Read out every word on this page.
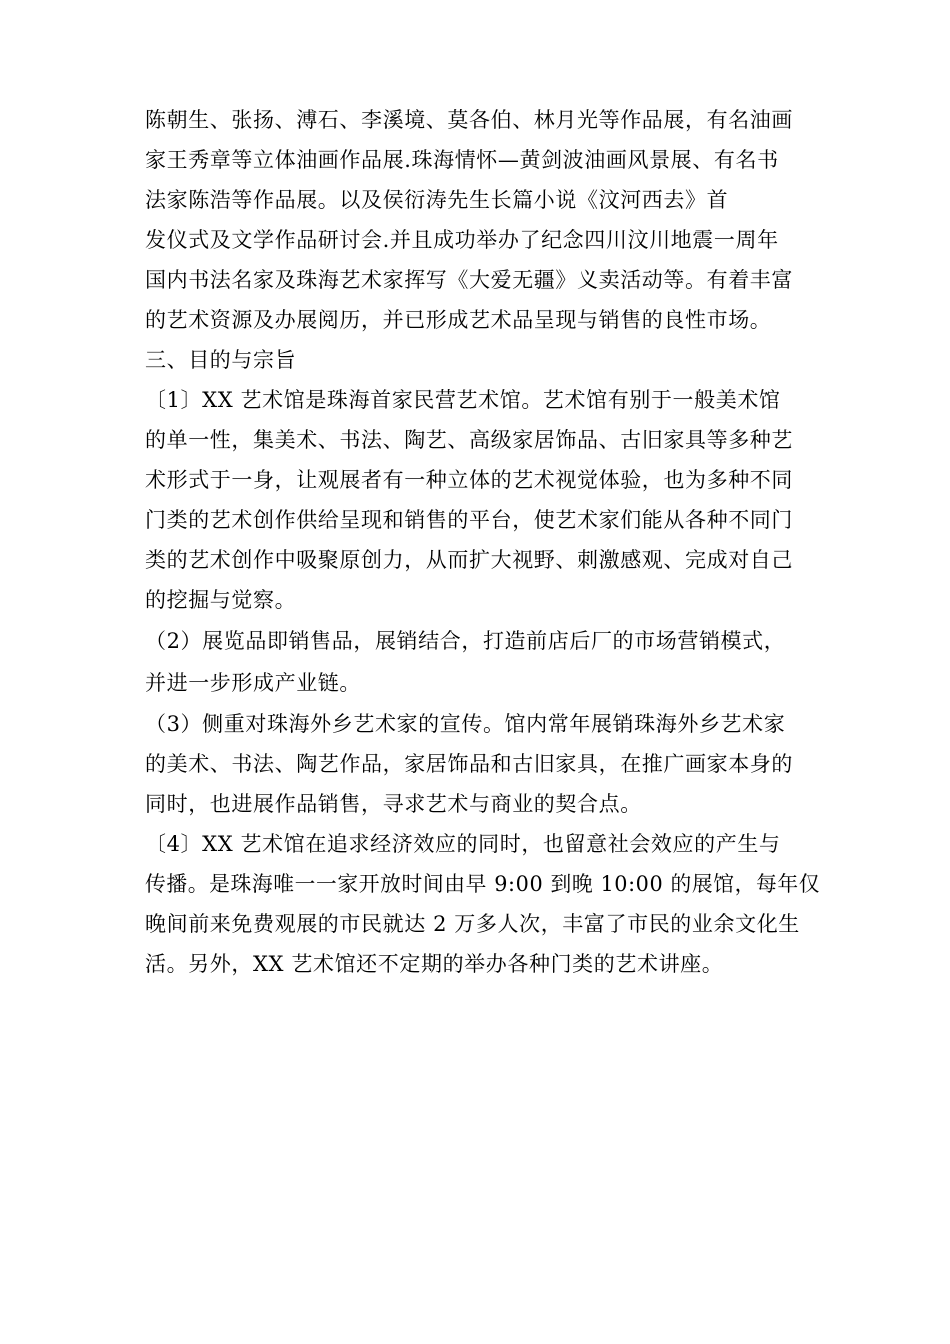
陈朝生、张扬、溥石、李溪境、莫各伯、林月光等作品展，有名油画
家王秀章等立体油画作品展.珠海情怀—黄剑波油画风景展、有名书
法家陈浩等作品展。以及侯衍涛先生长篇小说《汶河西去》首
发仪式及文学作品研讨会.并且成功举办了纪念四川汶川地震一周年
国内书法名家及珠海艺术家挥写《大爱无疆》义卖活动等。有着丰富
的艺术资源及办展阅历，并已形成艺术品呈现与销售的良性市场。
三、目的与宗旨
〔1〕XX 艺术馆是珠海首家民营艺术馆。艺术馆有别于一般美术馆
的单一性，集美术、书法、陶艺、高级家居饰品、古旧家具等多种艺
术形式于一身，让观展者有一种立体的艺术视觉体验，也为多种不同
门类的艺术创作供给呈现和销售的平台，使艺术家们能从各种不同门
类的艺术创作中吸聚原创力，从而扩大视野、刺激感观、完成对自己
的挖掘与觉察。
（2）展览品即销售品，展销结合，打造前店后厂的市场营销模式，
并进一步形成产业链。
（3）侧重对珠海外乡艺术家的宣传。馆内常年展销珠海外乡艺术家
的美术、书法、陶艺作品，家居饰品和古旧家具，在推广画家本身的
同时，也进展作品销售，寻求艺术与商业的契合点。
〔4〕XX 艺术馆在追求经济效应的同时，也留意社会效应的产生与
传播。是珠海唯一一家开放时间由早 9:00 到晚 10:00 的展馆，每年仅
晚间前来免费观展的市民就达 2 万多人次，丰富了市民的业余文化生
活。另外，XX 艺术馆还不定期的举办各种门类的艺术讲座。
